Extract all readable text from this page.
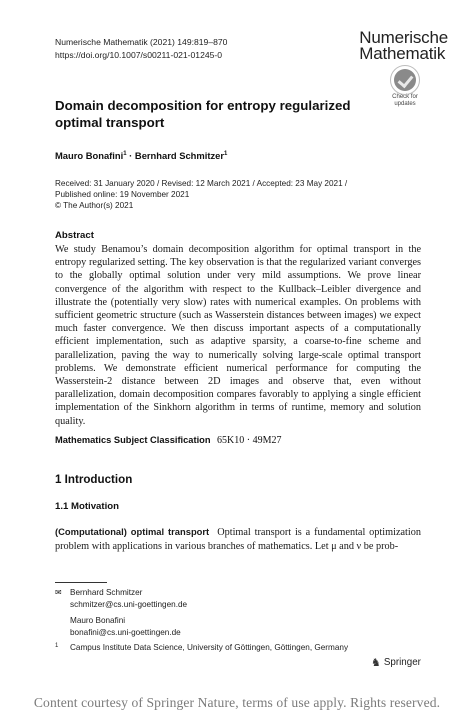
Numerische Mathematik (2021) 149:819–870
https://doi.org/10.1007/s00211-021-01245-0
Numerische
Mathematik
Check for
updates
Domain decomposition for entropy regularized optimal transport
Mauro Bonafini$^1$ · Bernhard Schmitzer$^1$
Received: 31 January 2020 / Revised: 12 March 2021 / Accepted: 23 May 2021 /
Published online: 19 November 2021
© The Author(s) 2021
Abstract
We study Benamou’s domain decomposition algorithm for optimal transport in the entropy regularized setting. The key observation is that the regularized variant converges to the globally optimal solution under very mild assumptions. We prove linear convergence of the algorithm with respect to the Kullback–Leibler divergence and illustrate the (potentially very slow) rates with numerical examples. On problems with sufficient geometric structure (such as Wasserstein distances between images) we expect much faster convergence. We then discuss important aspects of a computationally efficient implementation, such as adaptive sparsity, a coarse-to-fine scheme and parallelization, paving the way to numerically solving large-scale optimal transport problems. We demonstrate efficient numerical performance for computing the Wasserstein-2 distance between 2D images and observe that, even without parallelization, domain decomposition compares favorably to applying a single efficient implementation of the Sinkhorn algorithm in terms of runtime, memory and solution quality.
Mathematics Subject Classification 65K10 · 49M27
1 Introduction
1.1 Motivation
(Computational) optimal transport Optimal transport is a fundamental optimization problem with applications in various branches of mathematics. Let μ and ν be prob-
✉	Bernhard Schmitzer
schmitzer@cs.uni-goettingen.de
Mauro Bonafini
bonafini@cs.uni-goettingen.de
1	Campus Institute Data Science, University of Göttingen, Göttingen, Germany
♞ Springer
Content courtesy of Springer Nature, terms of use apply. Rights reserved.
